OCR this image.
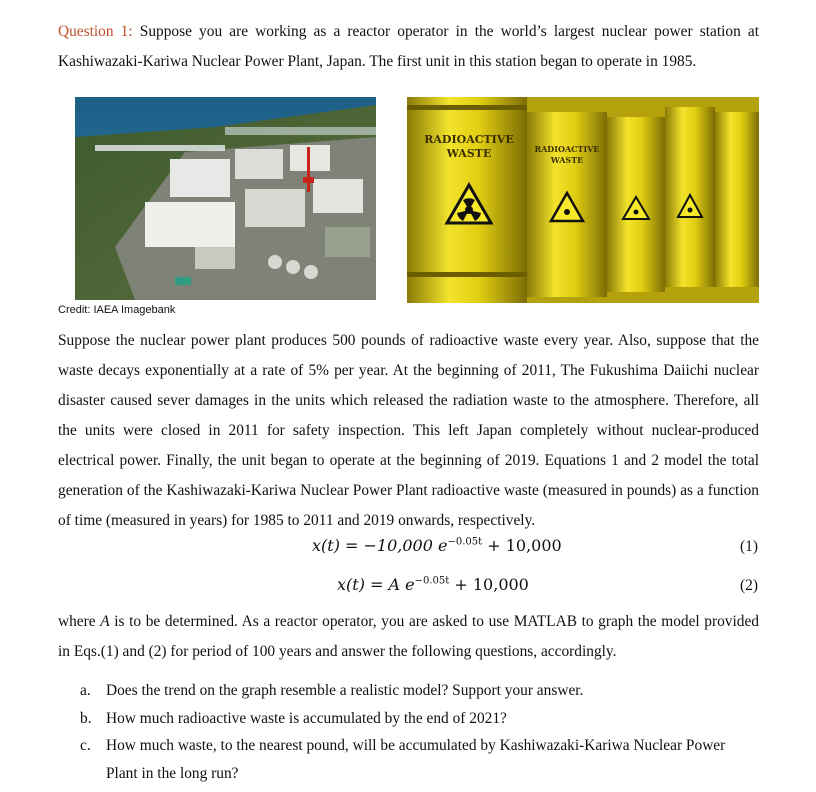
Question 1: Suppose you are working as a reactor operator in the world’s largest nuclear power station at Kashiwazaki-Kariwa Nuclear Power Plant, Japan. The first unit in this station began to operate in 1985.

RADIOACTIVE
WASTE	RADIOACTIVE
WASTE
Credit: IAEA Imagebank

Suppose the nuclear power plant produces 500 pounds of radioactive waste every year. Also, suppose that the waste decays exponentially at a rate of 5% per year. At the beginning of 2011, The Fukushima Daiichi nuclear disaster caused sever damages in the units which released the radiation waste to the atmosphere. Therefore, all the units were closed in 2011 for safety inspection. This left Japan completely without nuclear-produced electrical power. Finally, the unit began to operate at the beginning of 2019. Equations 1 and 2 model the total generation of the Kashiwazaki-Kariwa Nuclear Power Plant radioactive waste (measured in pounds) as a function of time (measured in years) for 1985 to 2011 and 2019 onwards, respectively.

x(t) = −10,000 $e^{-0.05t} + 10,000$	(1)
x(t) = A $e^{-0.05t} + 10,000$	(2)

where A is to be determined. As a reactor operator, you are asked to use MATLAB to graph the model provided in Eqs.(1) and (2) for period of 100 years and answer the following questions, accordingly.

a. Does the trend on the graph resemble a realistic model? Support your answer.
b. How much radioactive waste is accumulated by the end of 2021?
c. How much waste, to the nearest pound, will be accumulated by Kashiwazaki-Kariwa Nuclear Power Plant in the long run?
